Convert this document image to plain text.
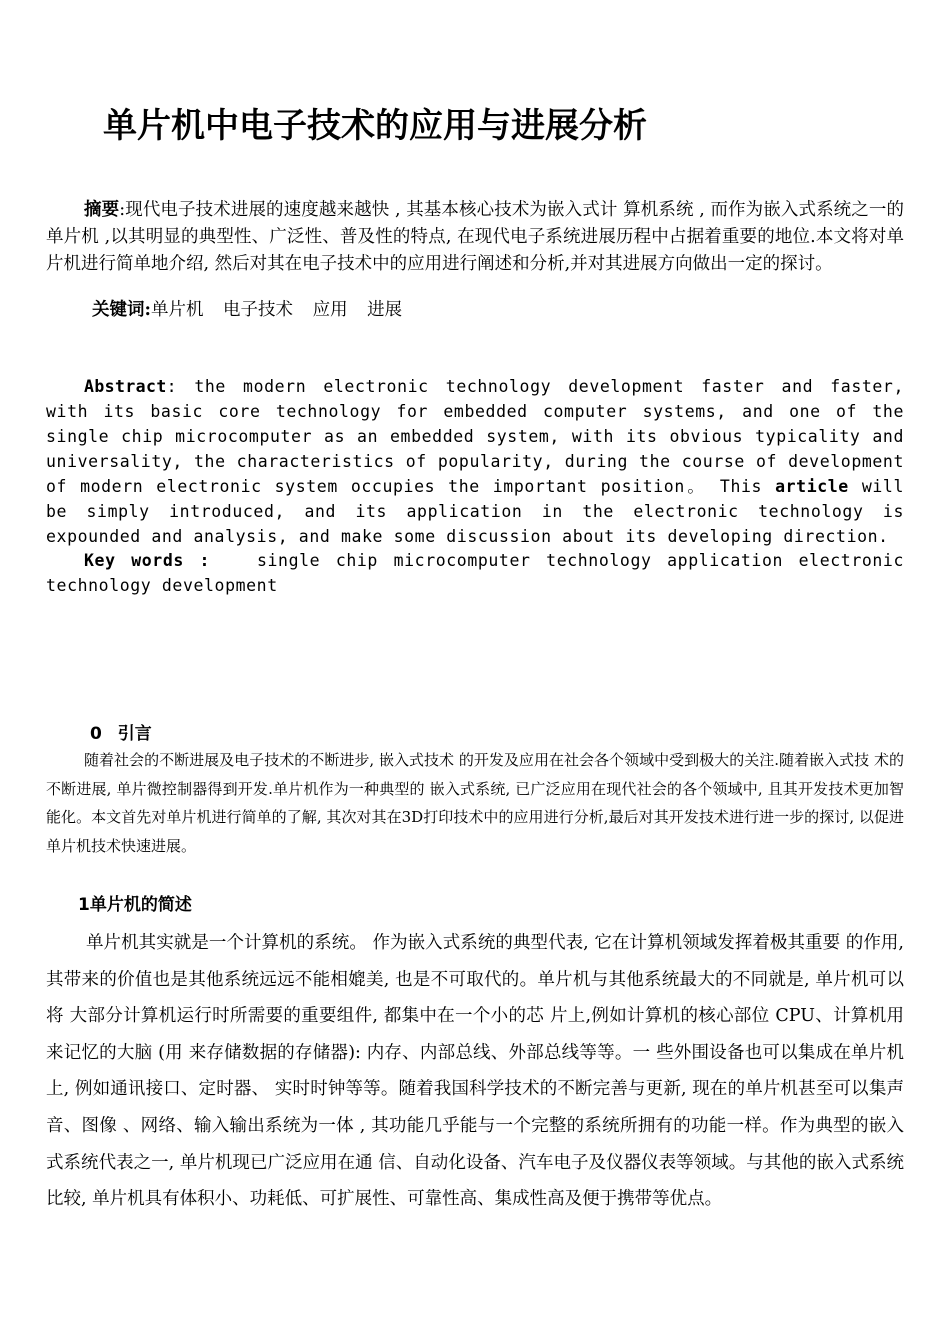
单片机中电子技术的应用与进展分析

摘要:现代电子技术进展的速度越来越快 , 其基本核心技术为嵌入式计 算机系统 , 而作为嵌入式系统之一的单片机 ,以其明显的典型性、广泛性、普及性的特点, 在现代电子系统进展历程中占据着重要的地位.本文将对单片机进行简单地介绍, 然后对其在电子技术中的应用进行阐述和分析,并对其进展方向做出一定的探讨。

关键词:单片机 电子技术 应用 进展

Abstract: the modern electronic technology development faster and faster, with its basic core technology for embedded computer systems, and one of the single chip microcomputer as an embedded system, with its obvious typicality and universality, the characteristics of popularity, during the course of development of modern electronic system occupies the important position。 This article will be simply introduced, and its application in the electronic technology is expounded and analysis, and make some discussion about its developing direction.

Key words :	single chip microcomputer technology application electronic technology development

0 引言

随着社会的不断进展及电子技术的不断进步, 嵌入式技术 的开发及应用在社会各个领域中受到极大的关注.随着嵌入式技 术的不断进展, 单片微控制器得到开发.单片机作为一种典型的 嵌入式系统, 已广泛应用在现代社会的各个领域中, 且其开发技术更加智能化。本文首先对单片机进行简单的了解, 其次对其在3D打印技术中的应用进行分析,最后对其开发技术进行进一步的探讨, 以促进单片机技术快速进展。

1单片机的简述

单片机其实就是一个计算机的系统。 作为嵌入式系统的典型代表, 它在计算机领域发挥着极其重要 的作用, 其带来的价值也是其他系统远远不能相媲美, 也是不可取代的。单片机与其他系统最大的不同就是, 单片机可以将 大部分计算机运行时所需要的重要组件, 都集中在一个小的芯 片上,例如计算机的核心部位 CPU、计算机用来记忆的大脑 (用 来存储数据的存储器): 内存、内部总线、外部总线等等。一 些外围设备也可以集成在单片机上, 例如通讯接口、定时器、 实时时钟等等。随着我国科学技术的不断完善与更新, 现在的单片机甚至可以集声音、图像 、网络、输入输出系统为一体 , 其功能几乎能与一个完整的系统所拥有的功能一样。作为典型的嵌入式系统代表之一, 单片机现已广泛应用在通 信、自动化设备、汽车电子及仪器仪表等领域。与其他的嵌入式系统比较, 单片机具有体积小、功耗低、可扩展性、可靠性高、集成性高及便于携带等优点。
